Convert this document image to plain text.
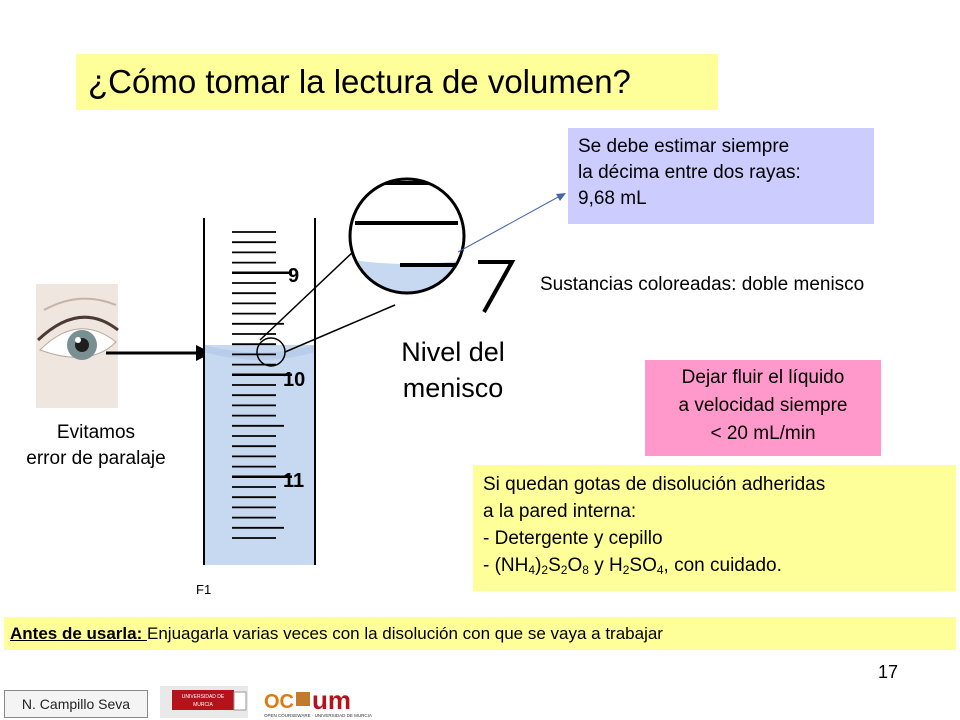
¿Cómo tomar la lectura de volumen?
9
10
11
Se debe estimar siempre
la décima entre dos rayas:
9,68 mL
Sustancias coloreadas: doble menisco
Nivel del
menisco	Dejar fluir el líquido
a velocidad siempre
< 20 mL/min
Evitamos
error de paralaje
Si quedan gotas de disolución adheridas
a la pared interna:
- Detergente y cepillo
- $(NH_4)_2S_2O_8$ y $H_2SO_4$, con cuidado.
F1
Antes de usarla: Enjuagarla varias veces con la disolución con que se vaya a trabajar
17
N. Campillo Seva	UNIVERSIDAD DE
MURCIA	OC um
OPEN COURSEWARE · UNIVERSIDAD DE MURCIA
